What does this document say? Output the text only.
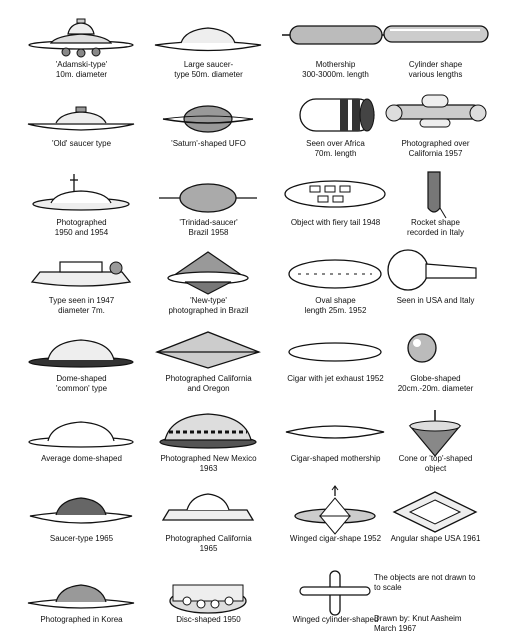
'Adamski-type'
10m. diameter
Large saucer-
type 50m. diameter
Mothership
300-3000m. length
Cylinder shape
various lengths
'Old' saucer type	'Saturn'-shaped UFO	Seen over Africa
70m. length
Photographed over
California 1957
Photographed
1950 and 1954
'Trinidad-saucer'
Brazil 1958
Object with fiery tail 1948	Rocket shape
recorded in Italy
Type seen in 1947
diameter 7m.
'New-type'
photographed in Brazil
Oval shape
length 25m. 1952
Seen in USA and Italy
Dome-shaped
'common' type
Photographed California
and Oregon
Cigar with jet exhaust 1952	Globe-shaped
20cm.-20m. diameter
Average dome-shaped	Photographed New Mexico
1963
Cigar-shaped mothership	Cone or 'top'-shaped
object
Saucer-type 1965	Photographed California
1965
Winged cigar-shape 1952	Angular shape USA 1961
Photographed in Korea	Disc-shaped 1950	Winged cylinder-shaped
The objects are not drawn to
to scale
Drawn by: Knut Aasheim
March 1967
